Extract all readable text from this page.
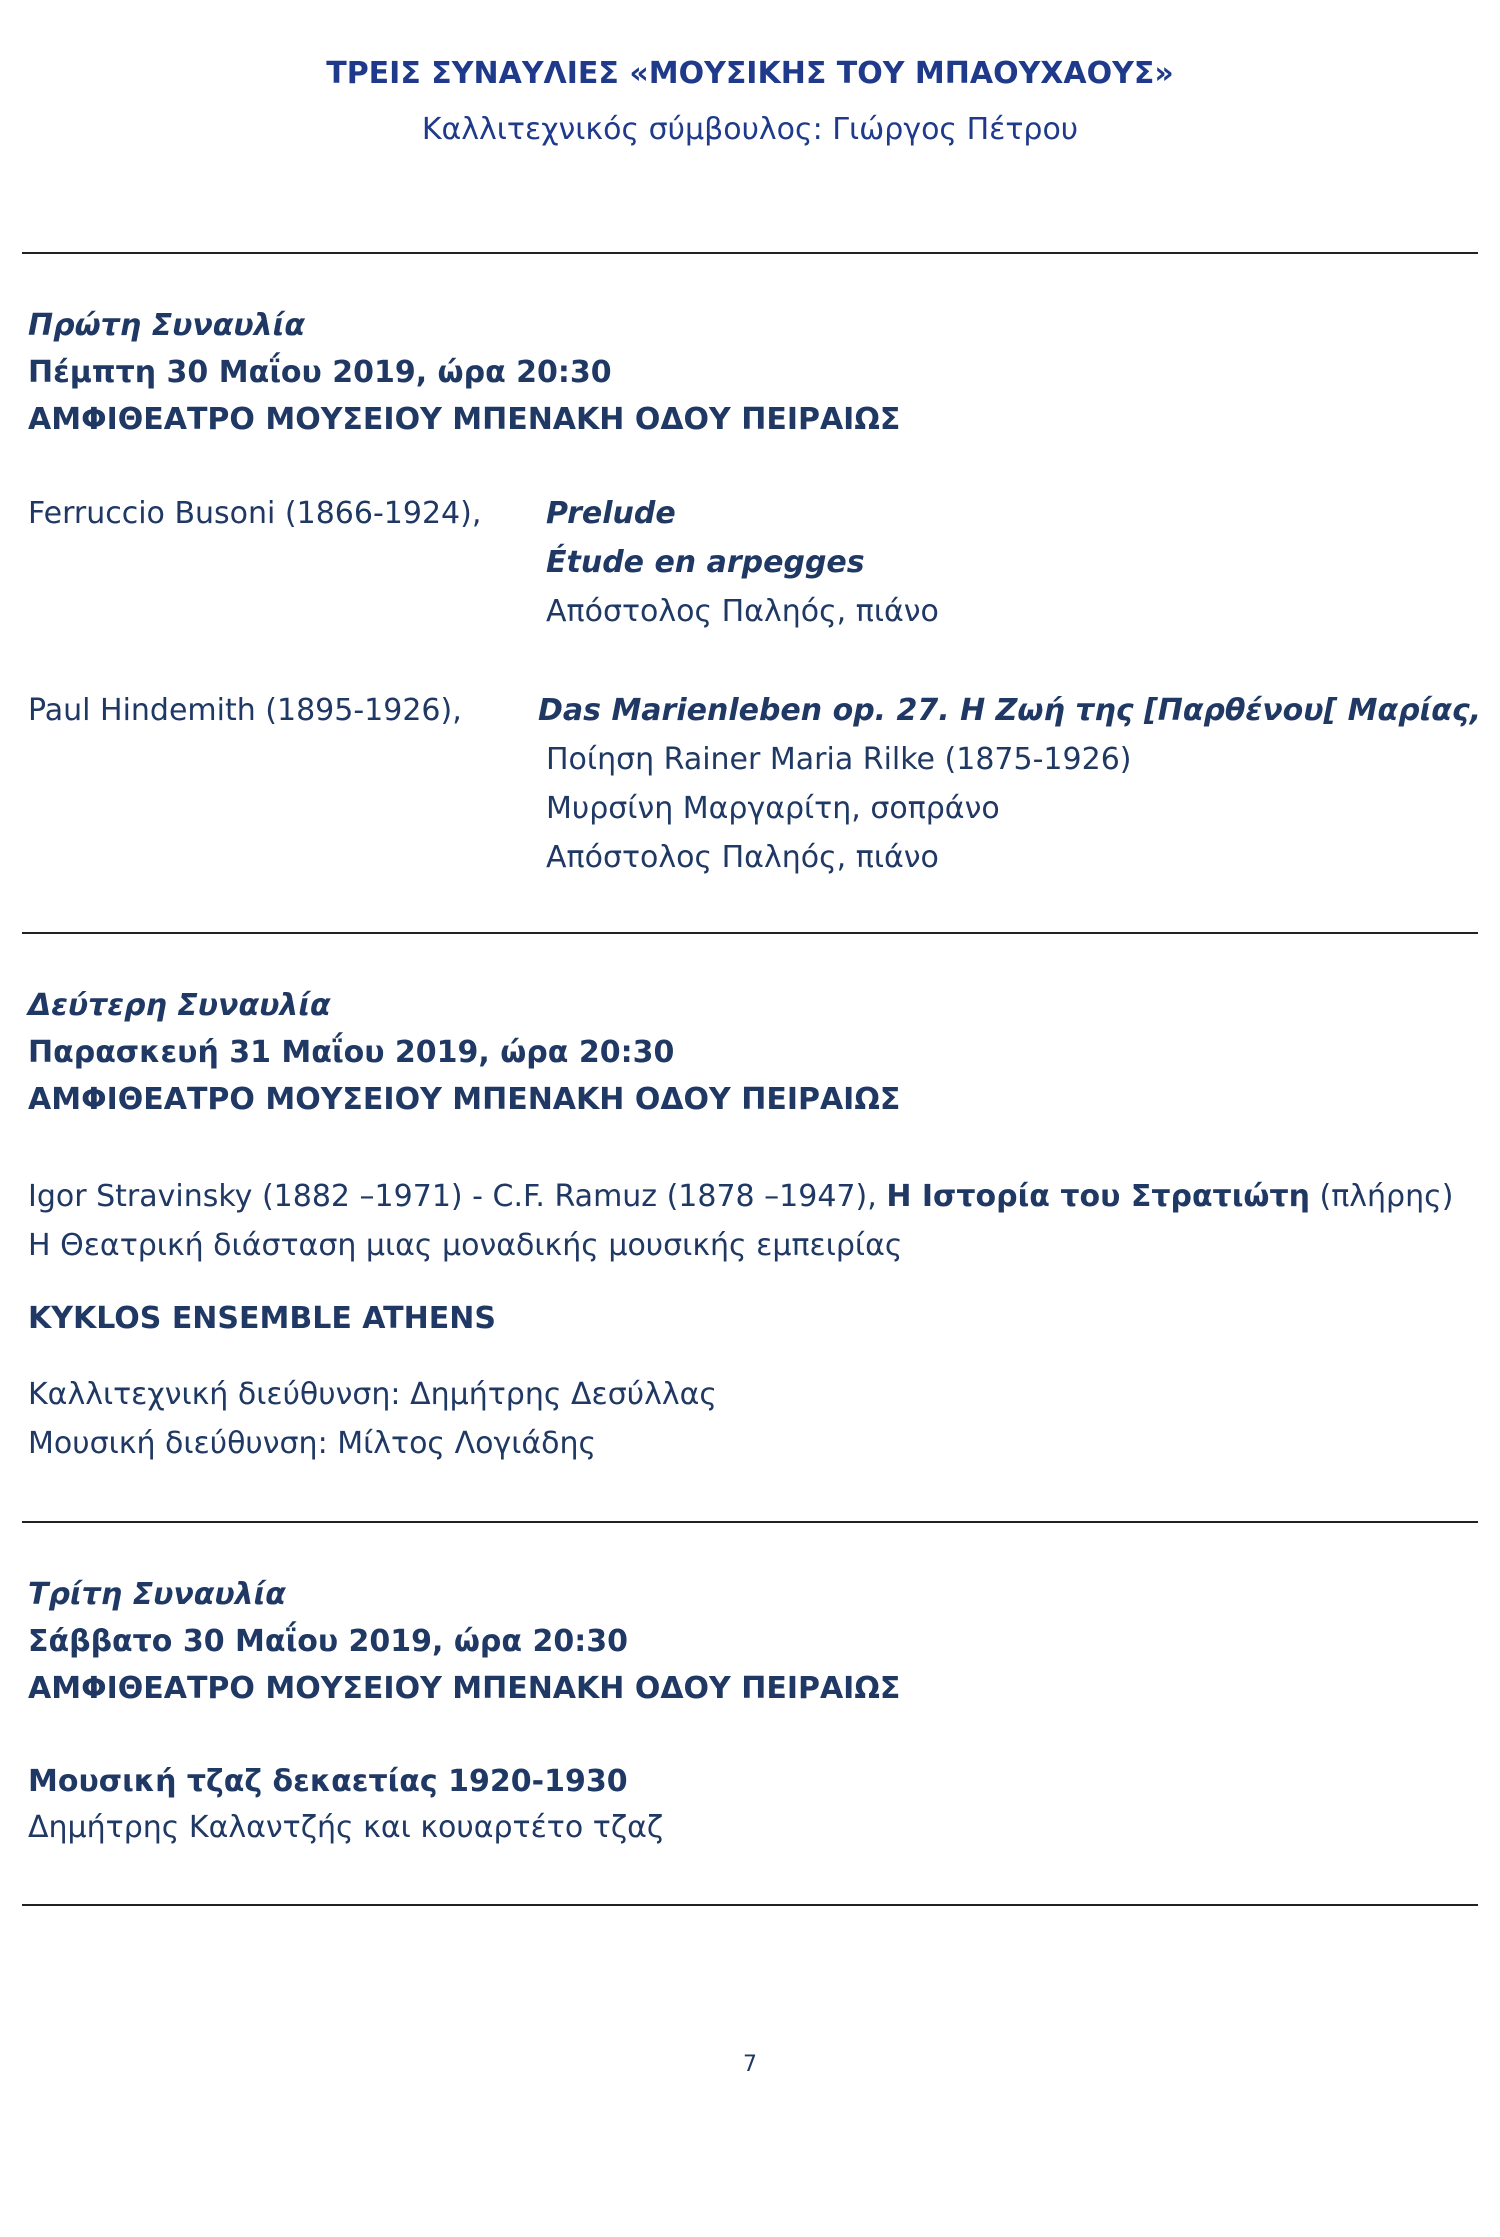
ΤΡΕΙΣ ΣΥΝΑΥΛΙΕΣ «ΜΟΥΣΙΚΗΣ ΤΟΥ ΜΠΑΟΥΧΑΟΥΣ»
Καλλιτεχνικός σύμβουλος: Γιώργος Πέτρου
Πρώτη Συναυλία
Πέμπτη 30 Μαΐου 2019, ώρα 20:30
ΑΜΦΙΘΕΑΤΡΟ ΜΟΥΣΕΙΟΥ ΜΠΕΝΑΚΗ ΟΔΟΥ ΠΕΙΡΑΙΩΣ
Ferruccio Busoni (1866-1924), Prelude
Étude en arpegges
Απόστολος Παληός, πιάνο
Paul Hindemith (1895-1926),	Das Marienleben op. 27. Η Ζωή της [Παρθένου[ Μαρίας,
Ποίηση Rainer Maria Rilke (1875-1926)
Μυρσίνη Μαργαρίτη, σοπράνο
Απόστολος Παληός, πιάνο
Δεύτερη Συναυλία
Παρασκευή 31 Μαΐου 2019, ώρα 20:30
ΑΜΦΙΘΕΑΤΡΟ ΜΟΥΣΕΙΟΥ ΜΠΕΝΑΚΗ ΟΔΟΥ ΠΕΙΡΑΙΩΣ
Igor Stravinsky (1882 –1971) - C.F. Ramuz (1878 –1947), Η Ιστορία του Στρατιώτη (πλήρης)
Η Θεατρική διάσταση μιας μοναδικής μουσικής εμπειρίας
KYKLOS ENSEMBLE ATHENS
Καλλιτεχνική διεύθυνση: Δημήτρης Δεσύλλας
Μουσική διεύθυνση: Μίλτος Λογιάδης
Τρίτη Συναυλία
Σάββατο 30 Μαΐου 2019, ώρα 20:30
ΑΜΦΙΘΕΑΤΡΟ ΜΟΥΣΕΙΟΥ ΜΠΕΝΑΚΗ ΟΔΟΥ ΠΕΙΡΑΙΩΣ
Μουσική τζαζ δεκαετίας 1920-1930
Δημήτρης Καλαντζής και κουαρτέτο τζαζ
7
